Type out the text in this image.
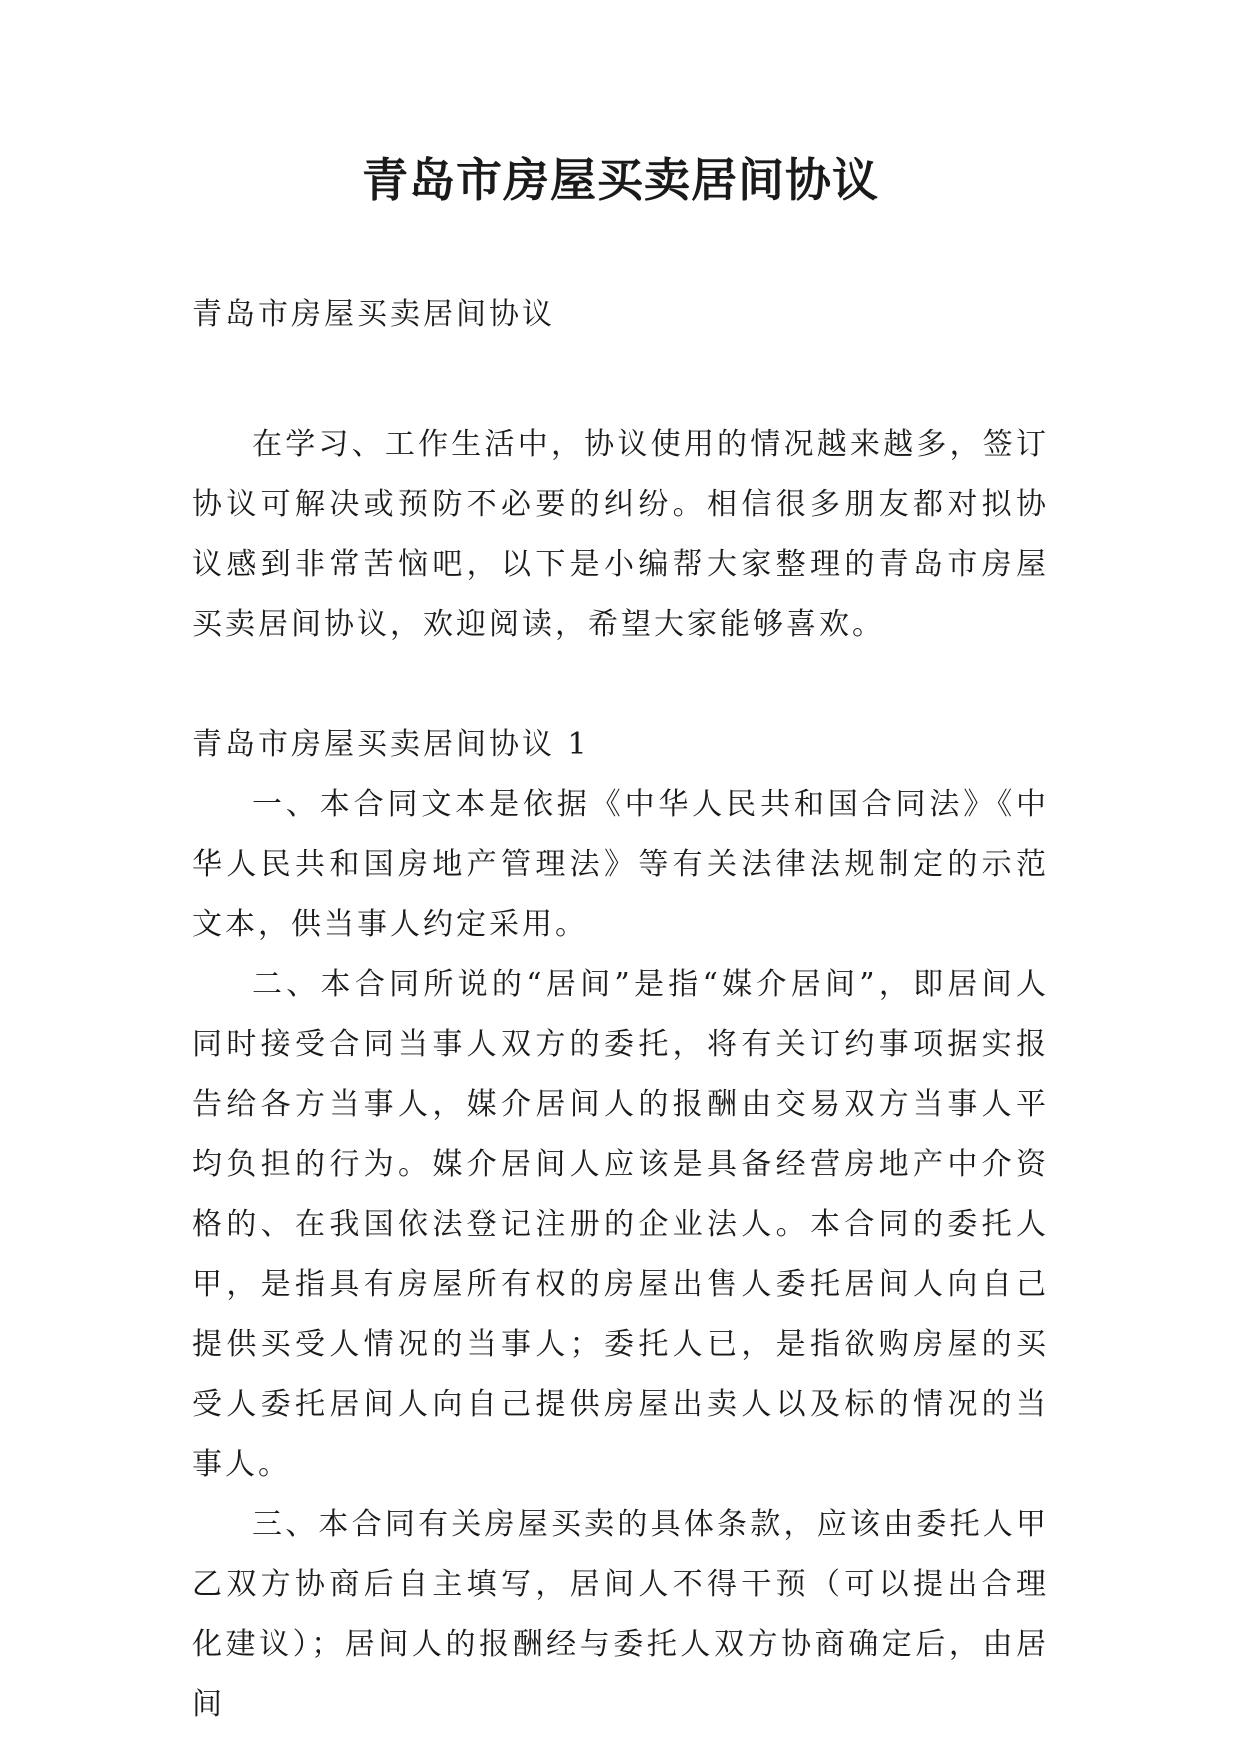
青岛市房屋买卖居间协议

青岛市房屋买卖居间协议

在学习、工作生活中，协议使用的情况越来越多，签订协议可解决或预防不必要的纠纷。相信很多朋友都对拟协议感到非常苦恼吧，以下是小编帮大家整理的青岛市房屋买卖居间协议，欢迎阅读，希望大家能够喜欢。

青岛市房屋买卖居间协议 1

一、本合同文本是依据《中华人民共和国合同法》《中华人民共和国房地产管理法》等有关法律法规制定的示范文本，供当事人约定采用。

二、本合同所说的“居间”是指“媒介居间”，即居间人同时接受合同当事人双方的委托，将有关订约事项据实报告给各方当事人，媒介居间人的报酬由交易双方当事人平均负担的行为。媒介居间人应该是具备经营房地产中介资格的、在我国依法登记注册的企业法人。本合同的委托人甲，是指具有房屋所有权的房屋出售人委托居间人向自己提供买受人情况的当事人；委托人已，是指欲购房屋的买受人委托居间人向自己提供房屋出卖人以及标的情况的当事人。

三、本合同有关房屋买卖的具体条款，应该由委托人甲乙双方协商后自主填写，居间人不得干预（可以提出合理化建议）；居间人的报酬经与委托人双方协商确定后，由居间
